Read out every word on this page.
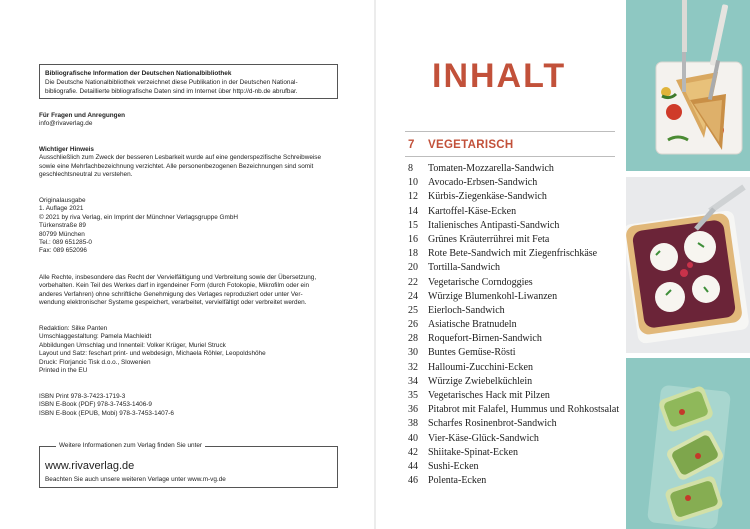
Bibliografische Information der Deutschen Nationalbibliothek
Die Deutsche Nationalbibliothek verzeichnet diese Publikation in der Deutschen National-
bibliografie. Detaillierte bibliografische Daten sind im Internet über http://d-nb.de abrufbar.
Für Fragen und Anregungen
info@rivaverlag.de
Wichtiger Hinweis
Ausschließlich zum Zweck der besseren Lesbarkeit wurde auf eine genderspezifische Schreibweise
sowie eine Mehrfachbezeichnung verzichtet. Alle personenbezogenen Bezeichnungen sind somit
geschlechtsneutral zu verstehen.
Originalausgabe
1. Auflage 2021
© 2021 by riva Verlag, ein Imprint der Münchner Verlagsgruppe GmbH
Türkenstraße 89
80799 München
Tel.: 089 651285-0
Fax: 089 652096
Alle Rechte, insbesondere das Recht der Vervielfältigung und Verbreitung sowie der Übersetzung,
vorbehalten. Kein Teil des Werkes darf in irgendeiner Form (durch Fotokopie, Mikrofilm oder ein
anderes Verfahren) ohne schriftliche Genehmigung des Verlages reproduziert oder unter Ver-
wendung elektronischer Systeme gespeichert, verarbeitet, vervielfältigt oder verbreitet werden.
Redaktion: Silke Panten
Umschlaggestaltung: Pamela Machleidt
Abbildungen Umschlag und Innenteil: Volker Krüger, Muriel Struck
Layout und Satz: feschart print- und webdesign, Michaela Röhler, Leopoldshöhe
Druck: Florjancic Tisk d.o.o., Slowenien
Printed in the EU
ISBN Print 978-3-7423-1719-3
ISBN E-Book (PDF) 978-3-7453-1406-9
ISBN E-Book (EPUB, Mobi) 978-3-7453-1407-6
Weitere Informationen zum Verlag finden Sie unter
www.rivaverlag.de
Beachten Sie auch unsere weiteren Verlage unter www.m-vg.de
INHALT
7 VEGETARISCH
8 Tomaten-Mozzarella-Sandwich
10 Avocado-Erbsen-Sandwich
12 Kürbis-Ziegenkäse-Sandwich
14 Kartoffel-Käse-Ecken
15 Italienisches Antipasti-Sandwich
16 Grünes Kräuterrührei mit Feta
18 Rote Bete-Sandwich mit Ziegenfrischkäse
20 Tortilla-Sandwich
22 Vegetarische Corndoggies
24 Würzige Blumenkohl-Liwanzen
25 Eierloch-Sandwich
26 Asiatische Bratnudeln
28 Roquefort-Birnen-Sandwich
30 Buntes Gemüse-Rösti
32 Halloumi-Zucchini-Ecken
34 Würzige Zwiebelküchlein
35 Vegetarisches Hack mit Pilzen
36 Pitabrot mit Falafel, Hummus und Rohkostsalat
38 Scharfes Rosinenbrot-Sandwich
40 Vier-Käse-Glück-Sandwich
42 Shiitake-Spinat-Ecken
44 Sushi-Ecken
46 Polenta-Ecken
